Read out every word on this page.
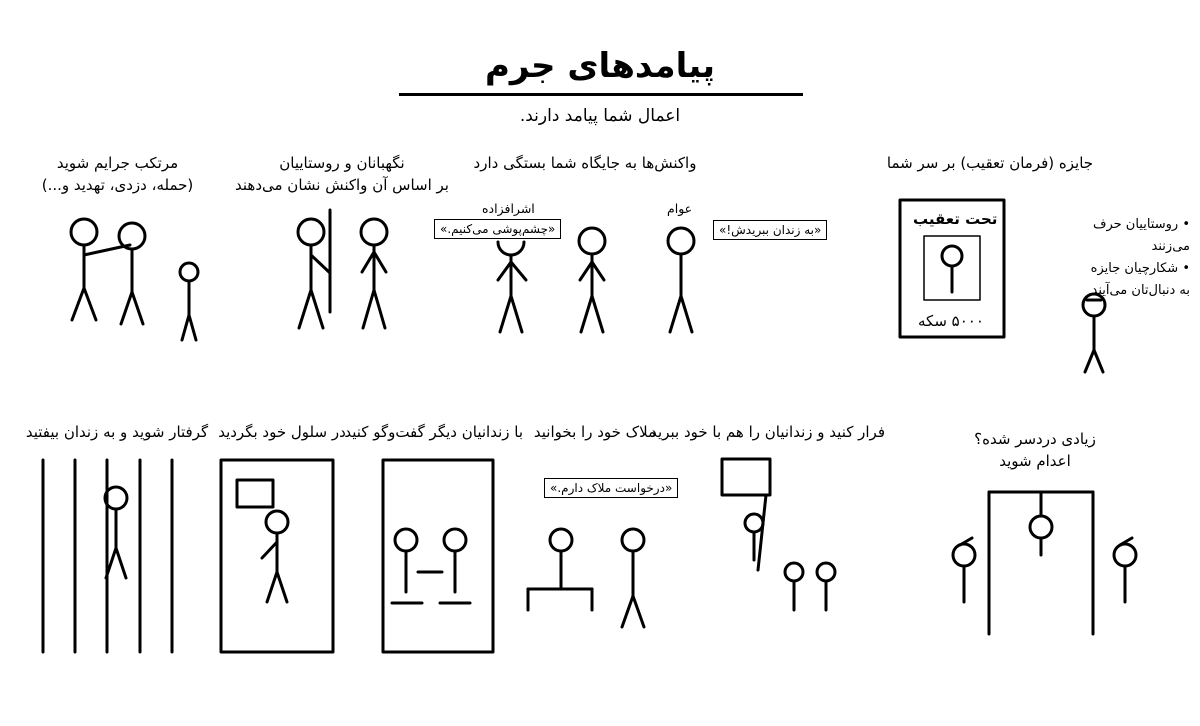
پیامدهای جرم
اعمال شما پیامد دارند.
مرتکب جرایم شوید
(حمله، دزدی، تهدید و...)
نگهبانان و روستاییان
بر اساس آن واکنش نشان می‌دهند
واکنش‌ها به جایگاه شما بستگی دارد	جایزه (فرمان تعقیب) بر سر شما
اشرافزاده	عوام
«چشم‌پوشی می‌کنیم.»	«به زندان ببریدش!»
تحت تعقیب
۵۰۰۰ سکه
• روستاییان حرف می‌زنند
• شکارچیان جایزه
به دنبال‌تان می‌آیند
گرفتار شوید و به زندان بیفتید در سلول خود بگردید
با زندانیان دیگر گفت‌وگو کنید ملاک خود را بخوانید
فرار کنید و زندانیان را هم با خود ببرید	زیادی دردسر شده؟
اعدام شوید
«درخواست ملاک دارم.»
